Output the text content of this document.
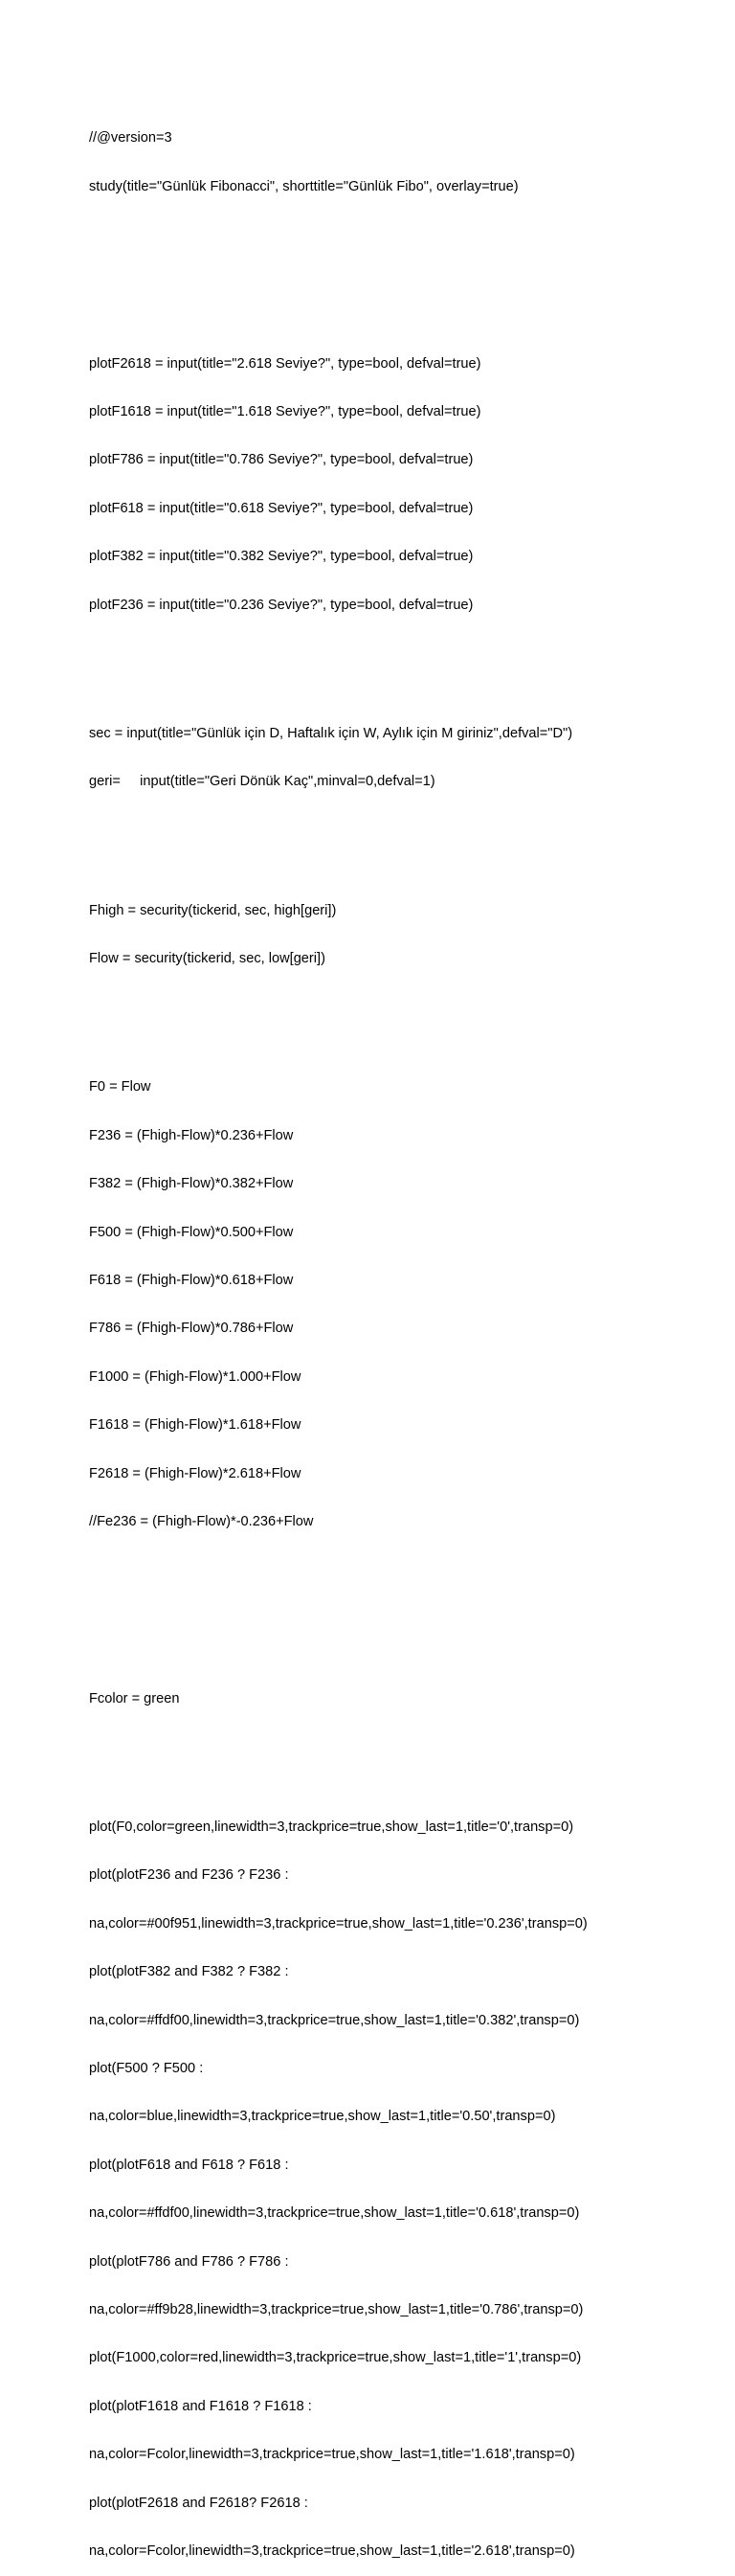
//@version=3

study(title="Günlük Fibonacci", shorttitle="Günlük Fibo", overlay=true)

plotF2618 = input(title="2.618 Seviye?", type=bool, defval=true)

plotF1618 = input(title="1.618 Seviye?", type=bool, defval=true)

plotF786 = input(title="0.786 Seviye?", type=bool, defval=true)

plotF618 = input(title="0.618 Seviye?", type=bool, defval=true)

plotF382 = input(title="0.382 Seviye?", type=bool, defval=true)

plotF236 = input(title="0.236 Seviye?", type=bool, defval=true)

sec = input(title="Günlük için D, Haftalık için W, Aylık için M giriniz",defval="D")

geri=     input(title="Geri Dönük Kaç",minval=0,defval=1)

Fhigh = security(tickerid, sec, high[geri])

Flow = security(tickerid, sec, low[geri])

F0 = Flow

F236 = (Fhigh-Flow)*0.236+Flow

F382 = (Fhigh-Flow)*0.382+Flow

F500 = (Fhigh-Flow)*0.500+Flow

F618 = (Fhigh-Flow)*0.618+Flow

F786 = (Fhigh-Flow)*0.786+Flow

F1000 = (Fhigh-Flow)*1.000+Flow

F1618 = (Fhigh-Flow)*1.618+Flow

F2618 = (Fhigh-Flow)*2.618+Flow

//Fe236 = (Fhigh-Flow)*-0.236+Flow

Fcolor = green

plot(F0,color=green,linewidth=3,trackprice=true,show_last=1,title='0',transp=0)

plot(plotF236 and F236 ? F236 :

na,color=#00f951,linewidth=3,trackprice=true,show_last=1,title='0.236',transp=0)

plot(plotF382 and F382 ? F382 :

na,color=#ffdf00,linewidth=3,trackprice=true,show_last=1,title='0.382',transp=0)

plot(F500 ? F500 :

na,color=blue,linewidth=3,trackprice=true,show_last=1,title='0.50',transp=0)

plot(plotF618 and F618 ? F618 :

na,color=#ffdf00,linewidth=3,trackprice=true,show_last=1,title='0.618',transp=0)

plot(plotF786 and F786 ? F786 :

na,color=#ff9b28,linewidth=3,trackprice=true,show_last=1,title='0.786',transp=0)

plot(F1000,color=red,linewidth=3,trackprice=true,show_last=1,title='1',transp=0)

plot(plotF1618 and F1618 ? F1618 :

na,color=Fcolor,linewidth=3,trackprice=true,show_last=1,title='1.618',transp=0)

plot(plotF2618 and F2618? F2618 :

na,color=Fcolor,linewidth=3,trackprice=true,show_last=1,title='2.618',transp=0)
